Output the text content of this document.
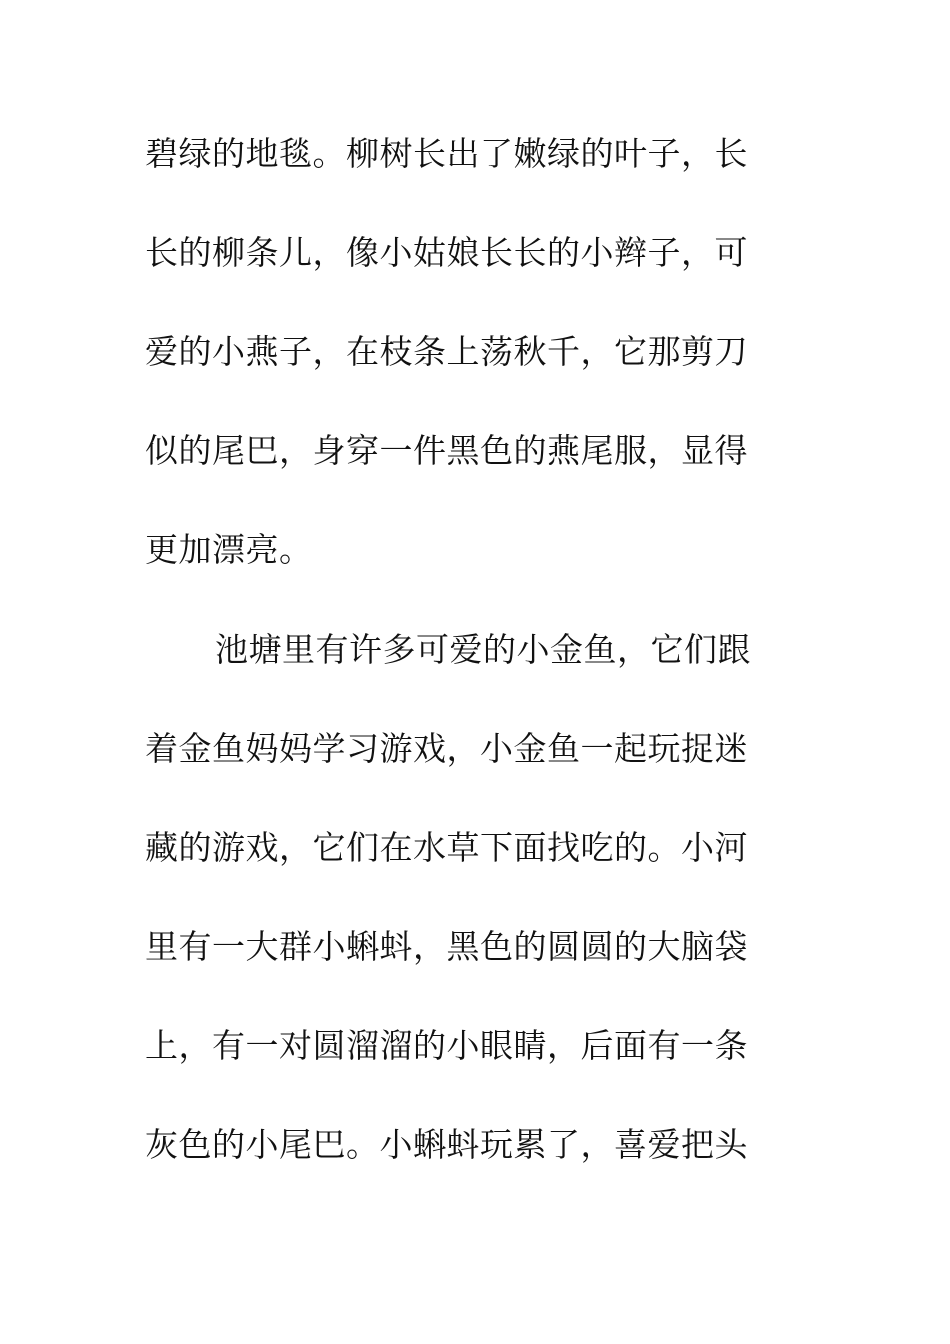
碧绿的地毯。柳树长出了嫩绿的叶子，长
长的柳条儿，像小姑娘长长的小辫子，可
爱的小燕子，在枝条上荡秋千，它那剪刀
似的尾巴，身穿一件黑色的燕尾服，显得
更加漂亮。
池塘里有许多可爱的小金鱼，它们跟
着金鱼妈妈学习游戏，小金鱼一起玩捉迷
藏的游戏，它们在水草下面找吃的。小河
里有一大群小蝌蚪，黑色的圆圆的大脑袋
上，有一对圆溜溜的小眼睛，后面有一条
灰色的小尾巴。小蝌蚪玩累了，喜爱把头
